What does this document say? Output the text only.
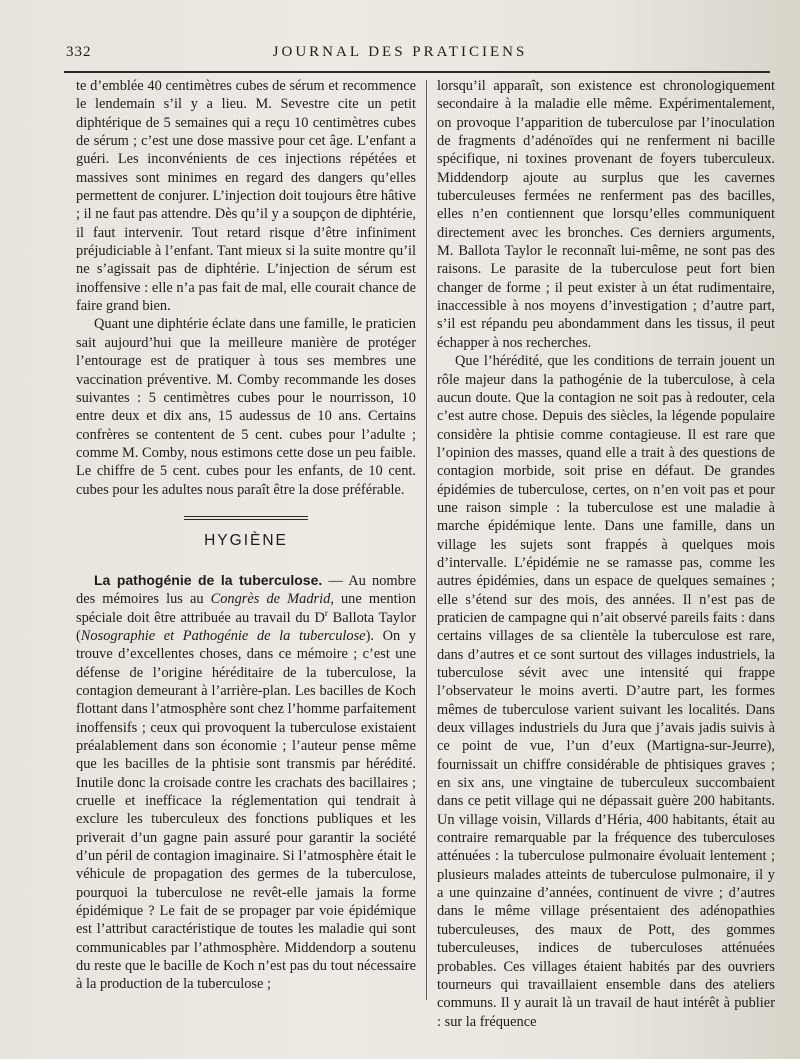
332	JOURNAL DES PRATICIENS

te d’emblée 40 centimètres cubes de sérum et recommence le lendemain s’il y a lieu. M. Sevestre cite un petit diphtérique de 5 semaines qui a reçu 10 centimètres cubes de sérum ; c’est une dose massive pour cet âge. L’enfant a guéri. Les inconvénients de ces injections répétées et massives sont minimes en regard des dangers qu’elles permettent de conjurer. L’injection doit toujours être hâtive ; il ne faut pas attendre. Dès qu’il y a soupçon de diphtérie, il faut intervenir. Tout retard risque d’être infiniment préjudiciable à l’enfant. Tant mieux si la suite montre qu’il ne s’agissait pas de diphtérie. L’injection de sérum est inoffensive : elle n’a pas fait de mal, elle courait chance de faire grand bien.

Quant une diphtérie éclate dans une famille, le praticien sait aujourd’hui que la meilleure manière de protéger l’entourage est de pratiquer à tous ses membres une vaccination préventive. M. Comby recommande les doses suivantes : 5 centimètres cubes pour le nourrisson, 10 entre deux et dix ans, 15 audessus de 10 ans. Certains confrères se contentent de 5 cent. cubes pour l’adulte ; comme M. Comby, nous estimons cette dose un peu faible. Le chiffre de 5 cent. cubes pour les enfants, de 10 cent. cubes pour les adultes nous paraît être la dose préférable.

HYGIÈNE

La pathogénie de la tuberculose. — Au nombre des mémoires lus au Congrès de Madrid, une mention spéciale doit être attribuée au travail du $D^r$ Ballota Taylor (Nosographie et Pathogénie de la tuberculose). On y trouve d’excellentes choses, dans ce mémoire ; c’est une défense de l’origine héréditaire de la tuberculose, la contagion demeurant à l’arrière-plan. Les bacilles de Koch flottant dans l’atmosphère sont chez l’homme parfaitement inoffensifs ; ceux qui provoquent la tuberculose existaient préalablement dans son économie ; l’auteur pense même que les bacilles de la phtisie sont transmis par hérédité. Inutile donc la croisade contre les crachats des bacillaires ; cruelle et inefficace la réglementation qui tendrait à exclure les tuberculeux des fonctions publiques et les priverait d’un gagne pain assuré pour garantir la société d’un péril de contagion imaginaire. Si l’atmosphère était le véhicule de propagation des germes de la tuberculose, pourquoi la tuberculose ne revêt-elle jamais la forme épidémique ? Le fait de se propager par voie épidémique est l’attribut caractéristique de toutes les maladie qui sont communicables par l’athmosphère. Middendorp a soutenu du reste que le bacille de Koch n’est pas du tout nécessaire à la production de la tuberculose ;

lorsqu’il apparaît, son existence est chronologiquement secondaire à la maladie elle même. Expérimentalement, on provoque l’apparition de tuberculose par l’inoculation de fragments d’adénoïdes qui ne renferment ni bacille spécifique, ni toxines provenant de foyers tuberculeux. Middendorp ajoute au surplus que les cavernes tuberculeuses fermées ne renferment pas des bacilles, elles n’en contiennent que lorsqu’elles communiquent directement avec les bronches. Ces derniers arguments, M. Ballota Taylor le reconnaît lui-même, ne sont pas des raisons. Le parasite de la tuberculose peut fort bien changer de forme ; il peut exister à un état rudimentaire, inaccessible à nos moyens d’investigation ; d’autre part, s’il est répandu peu abondamment dans les tissus, il peut échapper à nos recherches.

Que l’hérédité, que les conditions de terrain jouent un rôle majeur dans la pathogénie de la tuberculose, à cela aucun doute. Que la contagion ne soit pas à redouter, cela c’est autre chose. Depuis des siècles, la légende populaire considère la phtisie comme contagieuse. Il est rare que l’opinion des masses, quand elle a trait à des questions de contagion morbide, soit prise en défaut. De grandes épidémies de tuberculose, certes, on n’en voit pas et pour une raison simple : la tuberculose est une maladie à marche épidémique lente. Dans une famille, dans un village les sujets sont frappés à quelques mois d’intervalle. L’épidémie ne se ramasse pas, comme les autres épidémies, dans un espace de quelques semaines ; elle s’étend sur des mois, des années. Il n’est pas de praticien de campagne qui n’ait observé pareils faits : dans certains villages de sa clientèle la tuberculose est rare, dans d’autres et ce sont surtout des villages industriels, la tuberculose sévit avec une intensité qui frappe l’observateur le moins averti. D’autre part, les formes mêmes de tuberculose varient suivant les localités. Dans deux villages industriels du Jura que j’avais jadis suivis à ce point de vue, l’un d’eux (Martigna-sur-Jeurre), fournissait un chiffre considérable de phtisiques graves ; en six ans, une vingtaine de tuberculeux succombaient dans ce petit village qui ne dépassait guère 200 habitants. Un village voisin, Villards d’Héria, 400 habitants, était au contraire remarquable par la fréquence des tuberculoses atténuées : la tuberculose pulmonaire évoluait lentement ; plusieurs malades atteints de tuberculose pulmonaire, il y a une quinzaine d’années, continuent de vivre ; d’autres dans le même village présentaient des adénopathies tuberculeuses, des maux de Pott, des gommes tuberculeuses, indices de tuberculoses atténuées probables. Ces villages étaient habités par des ouvriers tourneurs qui travaillaient ensemble dans des ateliers communs. Il y aurait là un travail de haut intérêt à publier : sur la fréquence
